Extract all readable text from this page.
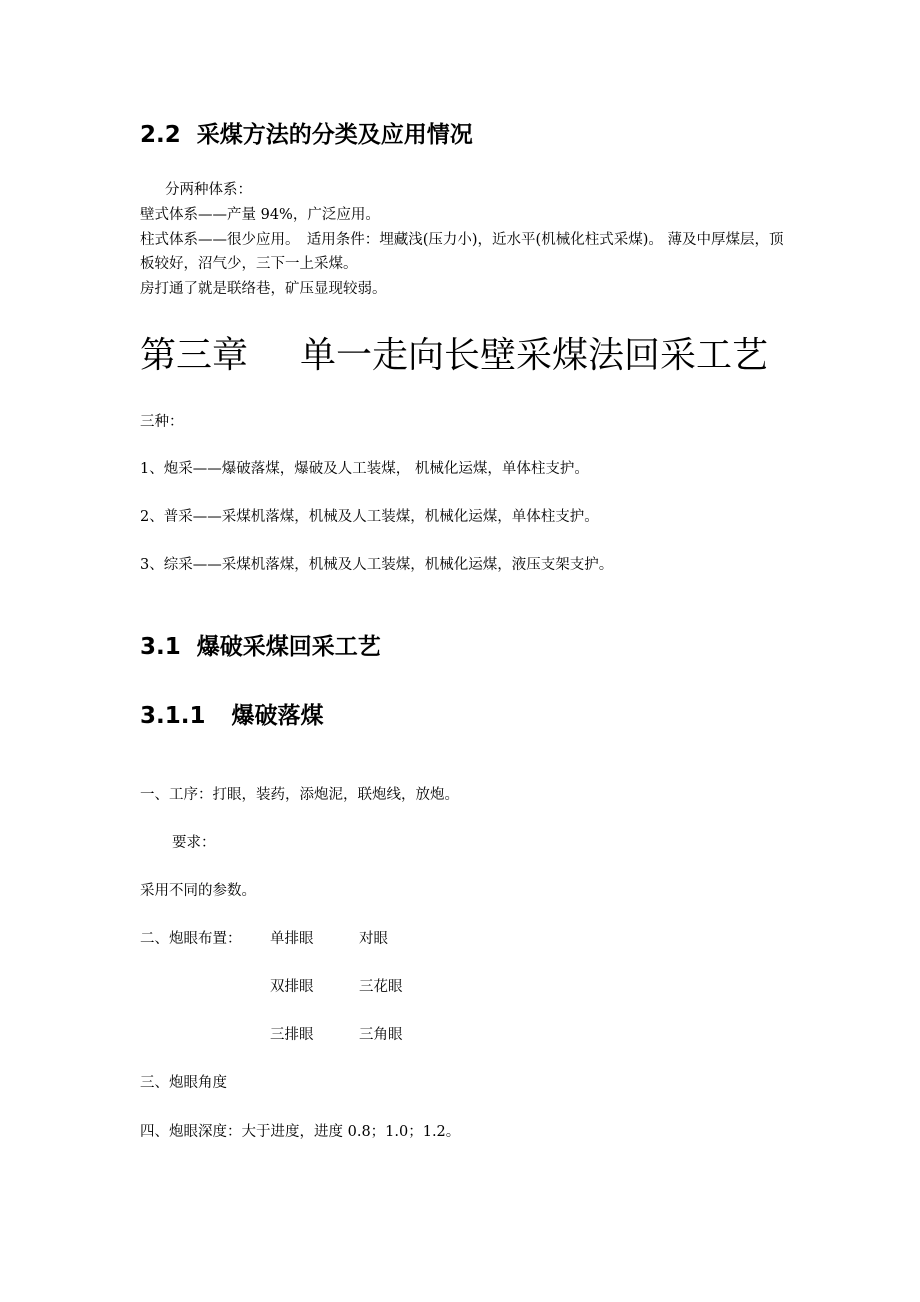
2.2 采煤方法的分类及应用情况
分两种体系：
壁式体系——产量 94%，广泛应用。
柱式体系——很少应用。　适用条件：埋藏浅(压力小)，近水平(机械化柱式采煤)。 薄及中厚煤层，顶板较好，沼气少，三下一上采煤。
房打通了就是联络巷，矿压显现较弱。
第三章 单一走向长壁采煤法回采工艺
三种：
1、炮采——爆破落煤，爆破及人工装煤， 机械化运煤，单体柱支护。
2、普采——采煤机落煤，机械及人工装煤，机械化运煤，单体柱支护。
3、综采——采煤机落煤，机械及人工装煤，机械化运煤，液压支架支护。
3.1 爆破采煤回采工艺
3.1.1 爆破落煤
一、工序：打眼，装药，添炮泥，联炮线，放炮。
要求：
采用不同的参数。
二、炮眼布置： 单排眼	对眼
双排眼	三花眼
三排眼	三角眼
三、炮眼角度
四、炮眼深度：大于进度，进度 0.8；1.0；1.2。
